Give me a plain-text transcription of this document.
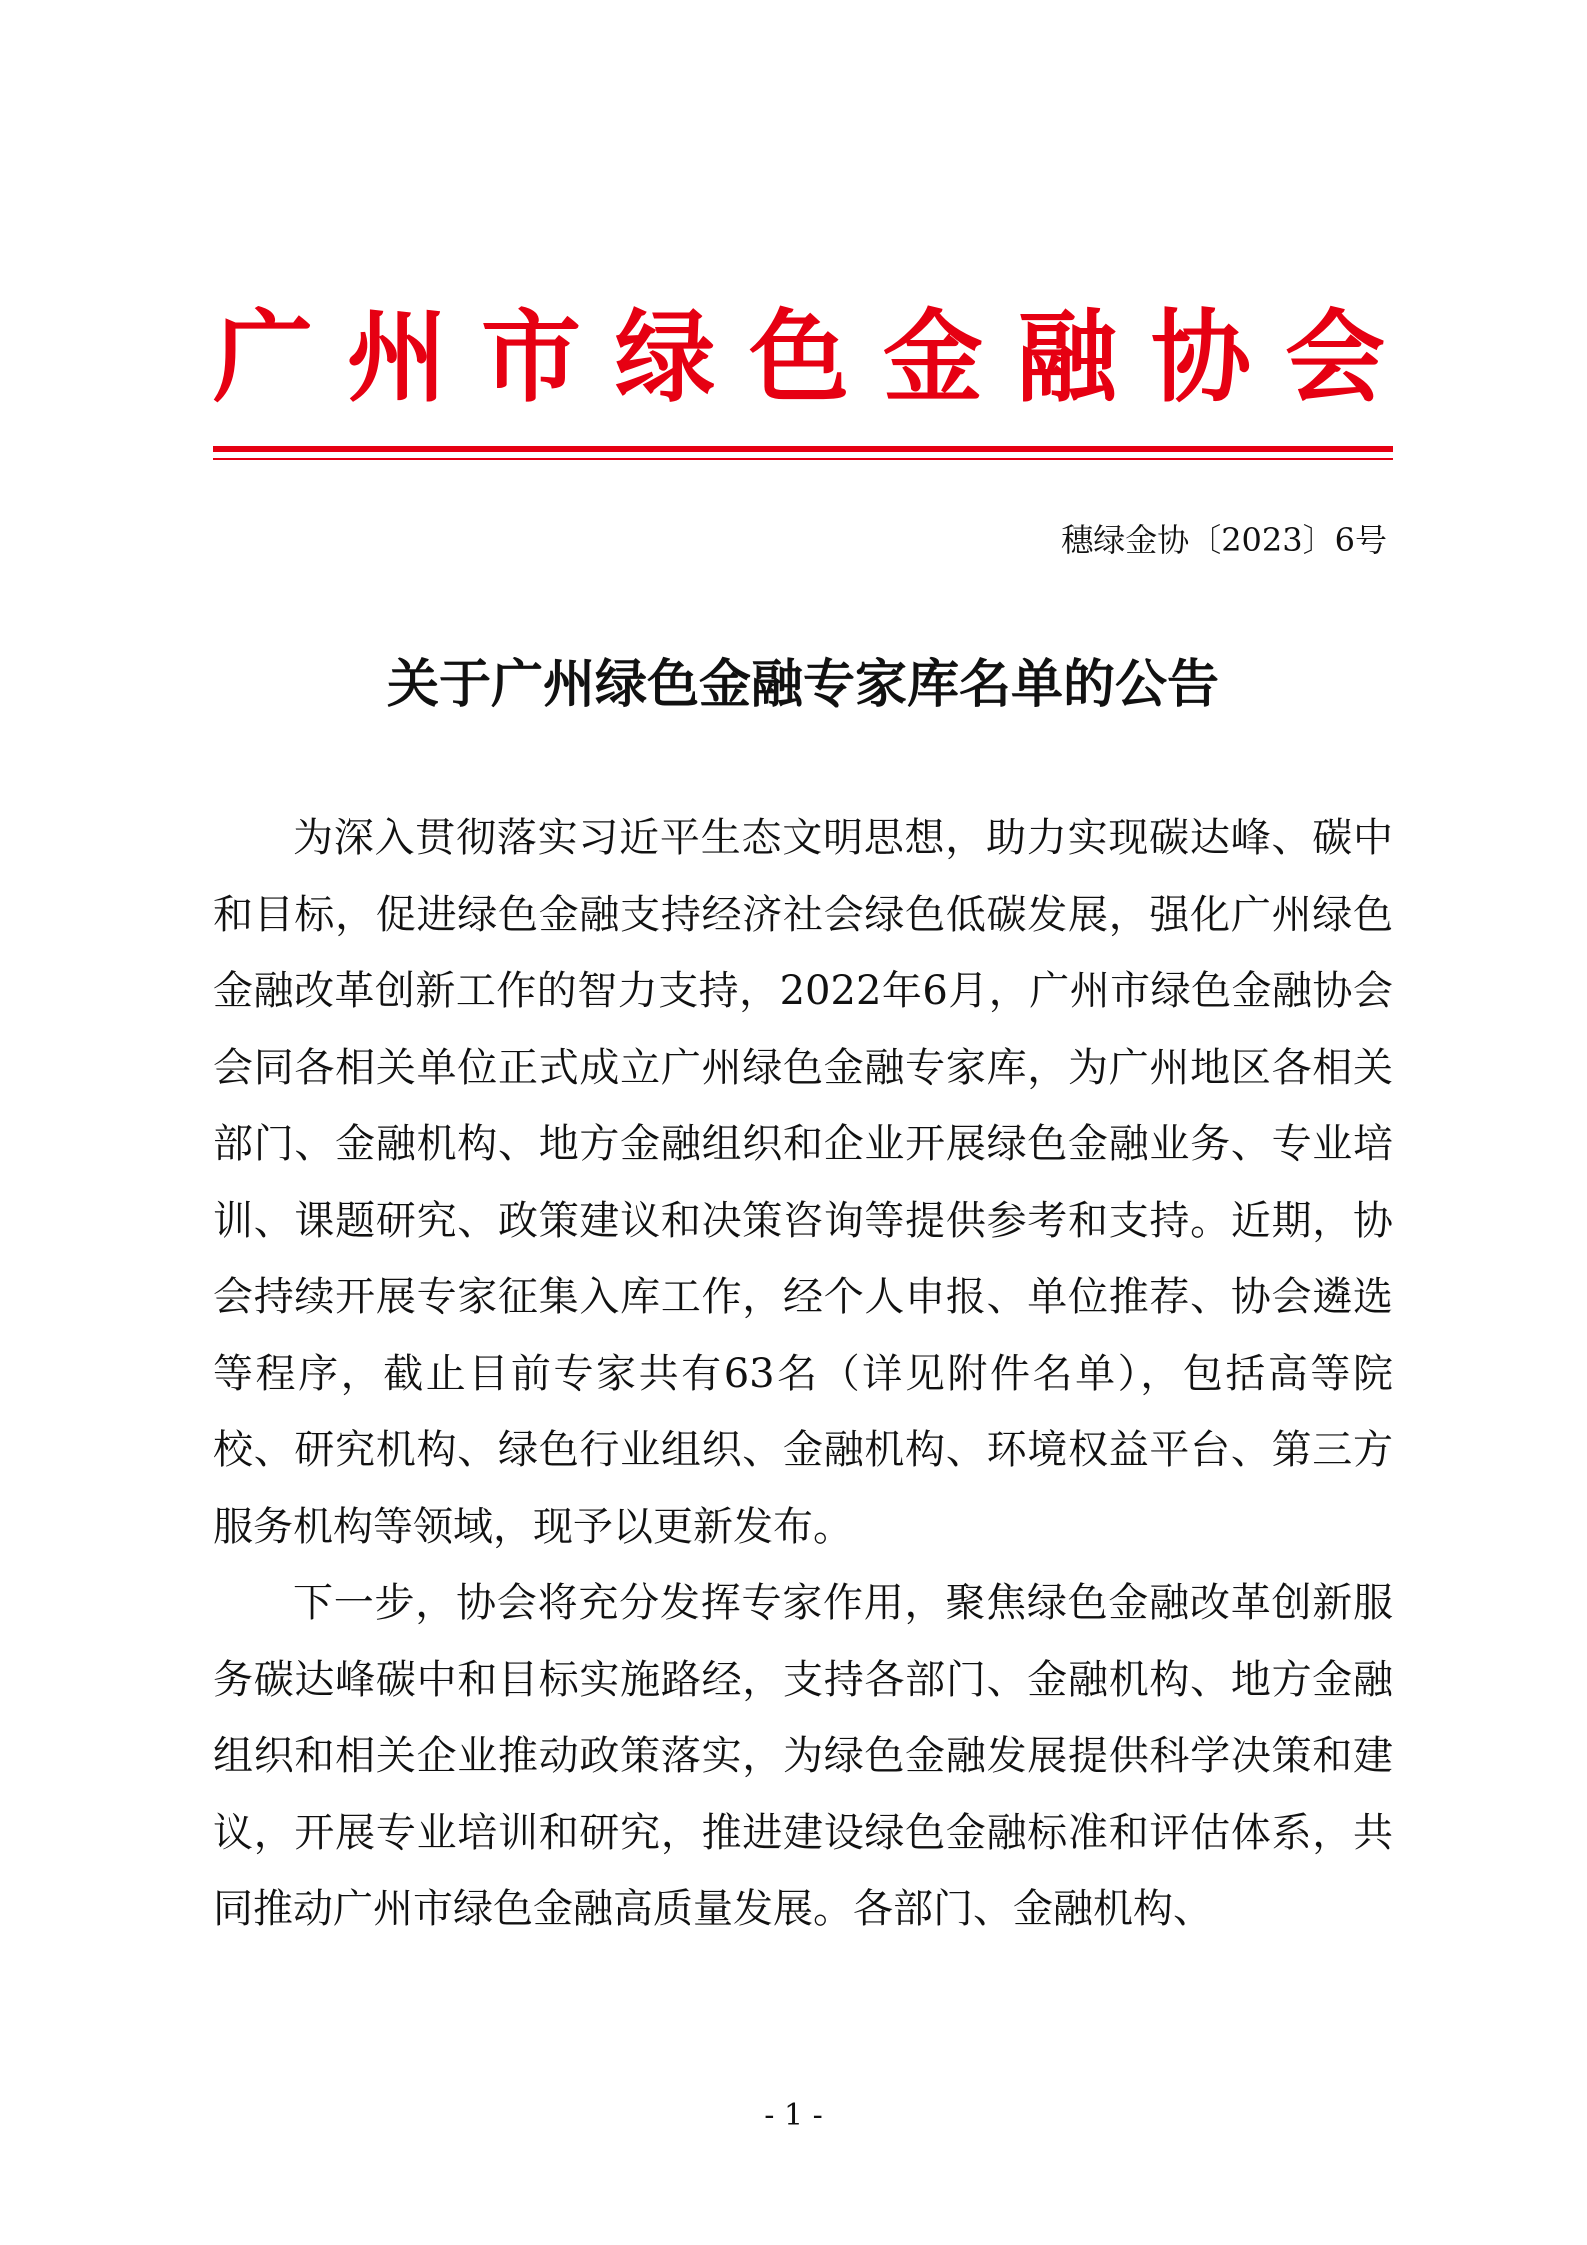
广州市绿色金融协会
穗绿金协〔2023〕6号
关于广州绿色金融专家库名单的公告

为深入贯彻落实习近平生态文明思想，助力实现碳达峰、碳中和目标，促进绿色金融支持经济社会绿色低碳发展，强化广州绿色金融改革创新工作的智力支持，2022年6月，广州市绿色金融协会会同各相关单位正式成立广州绿色金融专家库，为广州地区各相关部门、金融机构、地方金融组织和企业开展绿色金融业务、专业培训、课题研究、政策建议和决策咨询等提供参考和支持。近期，协会持续开展专家征集入库工作，经个人申报、单位推荐、协会遴选等程序，截止目前专家共有63名（详见附件名单），包括高等院校、研究机构、绿色行业组织、金融机构、环境权益平台、第三方服务机构等领域，现予以更新发布。

下一步，协会将充分发挥专家作用，聚焦绿色金融改革创新服务碳达峰碳中和目标实施路经，支持各部门、金融机构、地方金融组织和相关企业推动政策落实，为绿色金融发展提供科学决策和建议，开展专业培训和研究，推进建设绿色金融标准和评估体系，共同推动广州市绿色金融高质量发展。各部门、金融机构、

- 1 -
